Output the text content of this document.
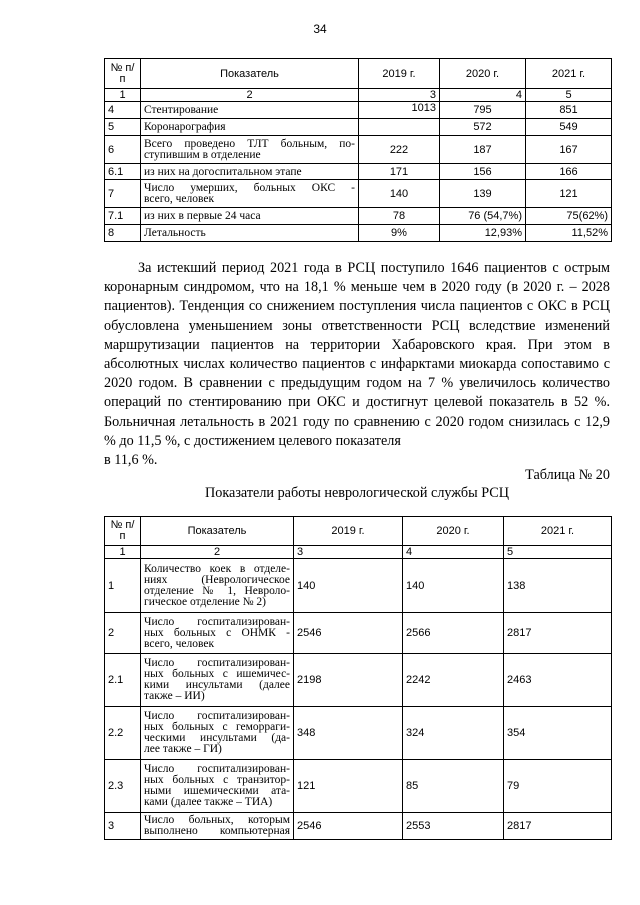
34
№ п/п	Показатель	2019 г.	2020 г.	2021 г.
1	2	3	4	5
4	Стентирование	1013	795	851
5	Коронарография		572	549
6	Всего проведено ТЛТ больным, по-
ступившим в отделение	222	187	167
6.1	из них на догоспитальном этапе	171	156	166
7	Число умерших, больных ОКС -
всего, человек	140	139	121
7.1	из них в первые 24 часа	78	76 (54,7%)	75(62%)
8	Летальность	9%	12,93%	11,52%

За истекший период 2021 года в РСЦ поступило 1646 пациентов с острым коронарным синдромом, что на 18,1 % меньше чем в 2020 году (в 2020 г. – 2028 пациентов). Тенденция со снижением поступления числа пациентов с ОКС в РСЦ обусловлена уменьшением зоны ответственности РСЦ вследствие изменений маршрутизации пациентов на территории Хабаровского края. При этом в абсолютных числах количество пациентов с инфарктами миокарда сопоставимо с 2020 годом. В сравнении с предыдущим годом на 7 % увеличилось количество операций по стентированию при ОКС и достигнут целевой показатель в 52 %. Больничная летальность в 2021 году по сравнению с 2020 годом снизилась с 12,9 % до 11,5 %, с достижением целевого показателя

в 11,6 %.
Таблица № 20
Показатели работы неврологической службы РСЦ
№ п/п	Показатель	2019 г.	2020 г.	2021 г.
1	2	3	4	5
1	Количество коек в отделе-
ниях (Неврологическое
отделение № 1, Невроло-
гическое отделение № 2)	140	140	138
2	Число госпитализирован-
ных больных с ОНМК -
всего, человек	2546	2566	2817
2.1	Число госпитализирован-
ных больных с ишемичес-
кими инсультами (далее
также – ИИ)	2198	2242	2463
2.2	Число госпитализирован-
ных больных с геморраги-
ческими инсультами (да-
лее также – ГИ)	348	324	354
2.3	Число госпитализирован-
ных больных с транзитор-
ными ишемическими ата-
ками (далее также – ТИА)	121	85	79
3	Число больных, которым
выполнено компьютерная	2546	2553	2817
